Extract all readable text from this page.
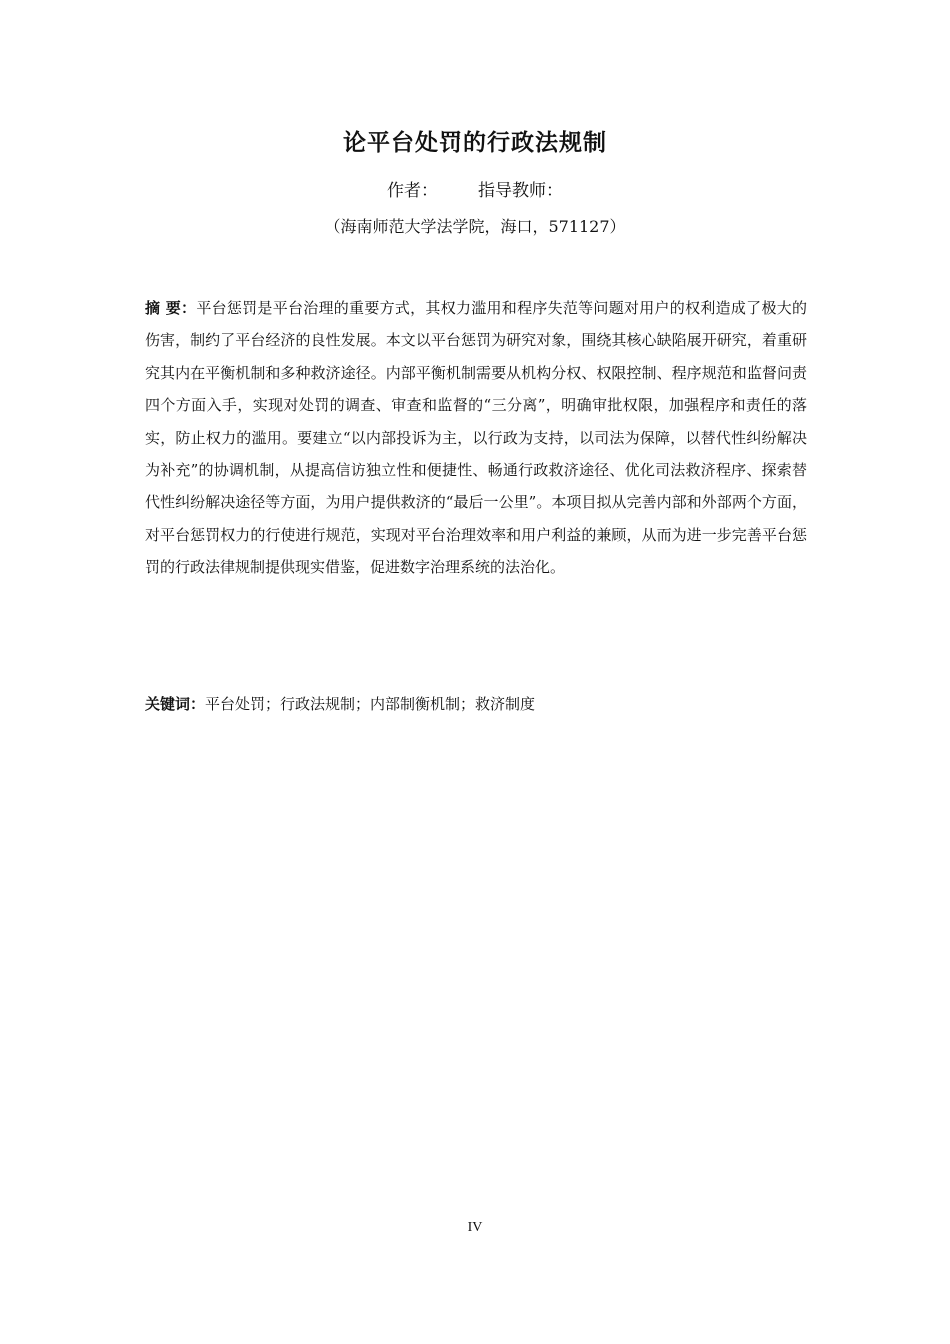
论平台处罚的行政法规制
作者： 指导教师：
（海南师范大学法学院，海口，571127）

摘 要：平台惩罚是平台治理的重要方式，其权力滥用和程序失范等问题对用户的权利造成了极大的伤害，制约了平台经济的良性发展。本文以平台惩罚为研究对象，围绕其核心缺陷展开研究，着重研究其内在平衡机制和多种救济途径。内部平衡机制需要从机构分权、权限控制、程序规范和监督问责四个方面入手，实现对处罚的调查、审查和监督的“三分离”，明确审批权限，加强程序和责任的落实，防止权力的滥用。要建立“以内部投诉为主，以行政为支持，以司法为保障，以替代性纠纷解决为补充”的协调机制，从提高信访独立性和便捷性、畅通行政救济途径、优化司法救济程序、探索替代性纠纷解决途径等方面，为用户提供救济的“最后一公里”。本项目拟从完善内部和外部两个方面，对平台惩罚权力的行使进行规范，实现对平台治理效率和用户利益的兼顾，从而为进一步完善平台惩罚的行政法律规制提供现实借鉴，促进数字治理系统的法治化。

关键词：平台处罚；行政法规制；内部制衡机制；救济制度

IV
